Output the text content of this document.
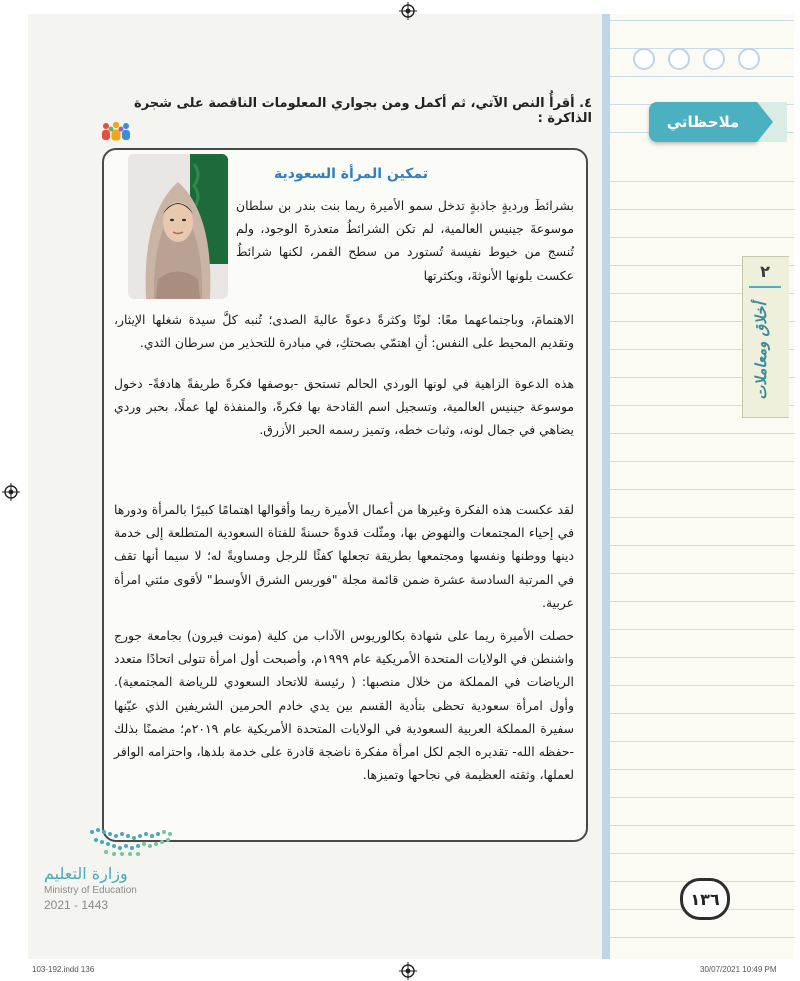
ملاحظاتي
٢
أخلاق ومعاملات
٤. أقرأُ النص الآتي، ثم أكمل ومن بجواري المعلومات الناقصة على شجرة الذاكرة :
تمكين المرأة السعودية
بشرائطَ ورديةٍ جاذبةٍ تدخل سمو الأميرة ريما بنت بندر بن سلطان موسوعةَ جينيس العالمية، لم تكن الشرائطُ متعذرةَ الوجود، ولم تُنسج من خيوط نفيسة تُستورد من سطح القمر، لكنها شرائطُ عكست بلونها الأنوثةَ، وبكثرتها
الاهتمامَ، وباجتماعهما معًا: لونًا وكثرةً دعوةً عاليةَ الصدى؛ تُنبه كلَّ سيدة شغلها الإيثار، وتقديم المحيط على النفس: أنِ اهتمّي بصحتكِ، في مبادرة للتحذير من سرطان الثدي.
هذه الدعوة الزاهية في لونها الوردي الحالم تستحق -بوصفها فكرةً طريفةً هادفةً- دخول موسوعة جينيس العالمية، وتسجيل اسم القادحة بها فكرةً، والمنفذة لها عملًا، بحبر وردي يضاهي في جمال لونه، وثبات خطه، وتميز رسمه الحبر الأزرق.
لقد عكست هذه الفكرة وغيرها من أعمال الأميرة ريما وأقوالها اهتمامًا كبيرًا بالمرأة ودورها في إحياء المجتمعات والنهوض بها، ومثّلت قدوةً حسنةً للفتاة السعودية المتطلعة إلى خدمة دينها ووطنها ونفسها ومجتمعها بطريقة تجعلها كفئًا للرجل ومساويةً له؛ لا سيما أنها تقف في المرتبة السادسة عشرة ضمن قائمة مجلة "فوربس الشرق الأوسط" لأقوى مئتي امرأة عربية.
حصلت الأميرة ريما على شهادة بكالوريوس الآداب من كلية (مونت فيرون) بجامعة جورج واشنطن في الولايات المتحدة الأمريكية عام ١٩٩٩م، وأصبحت أول امرأة تتولى اتحادًا متعدد الرياضات في المملكة من خلال منصبها: ( رئيسة للاتحاد السعودي للرياضة المجتمعية). وأول امرأة سعودية تحظى بتأدية القسم بين يدي خادم الحرمين الشريفين الذي عيّنها سفيرة المملكة العربية السعودية في الولايات المتحدة الأمريكية عام ٢٠١٩م؛ مضمنًا بذلك -حفظه الله- تقديره الجم لكل امرأة مفكرة ناضجة قادرة على خدمة بلدها، واحترامه الوافر لعملها، وثقته العظيمة في نجاحها وتميزها.
وزارة التعليم
Ministry of Education
2021 - 1443	١٣٦
103-192.indd 136	30/07/2021 10:49 PM
